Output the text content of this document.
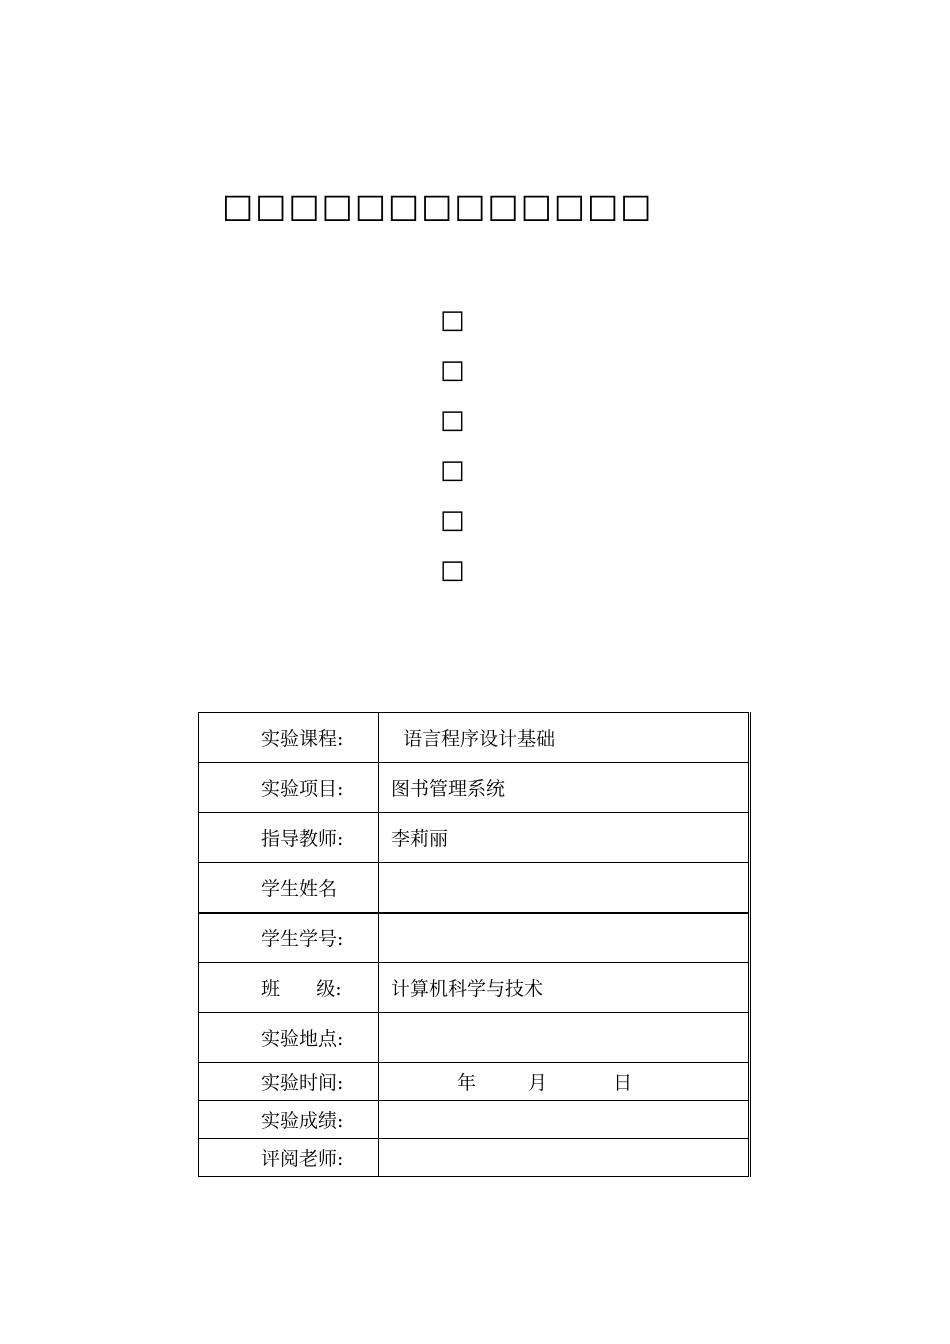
□□□□□□□□□□□□□
□
□
□
□
□
□
实验课程:	语言程序设计基础
实验项目:	图书管理系统
指导教师:	李莉丽
学生姓名	
学生学号:	
班      级:	计算机科学与技术
实验地点:	
实验时间:	年 月 日
实验成绩:	
评阅老师:	
